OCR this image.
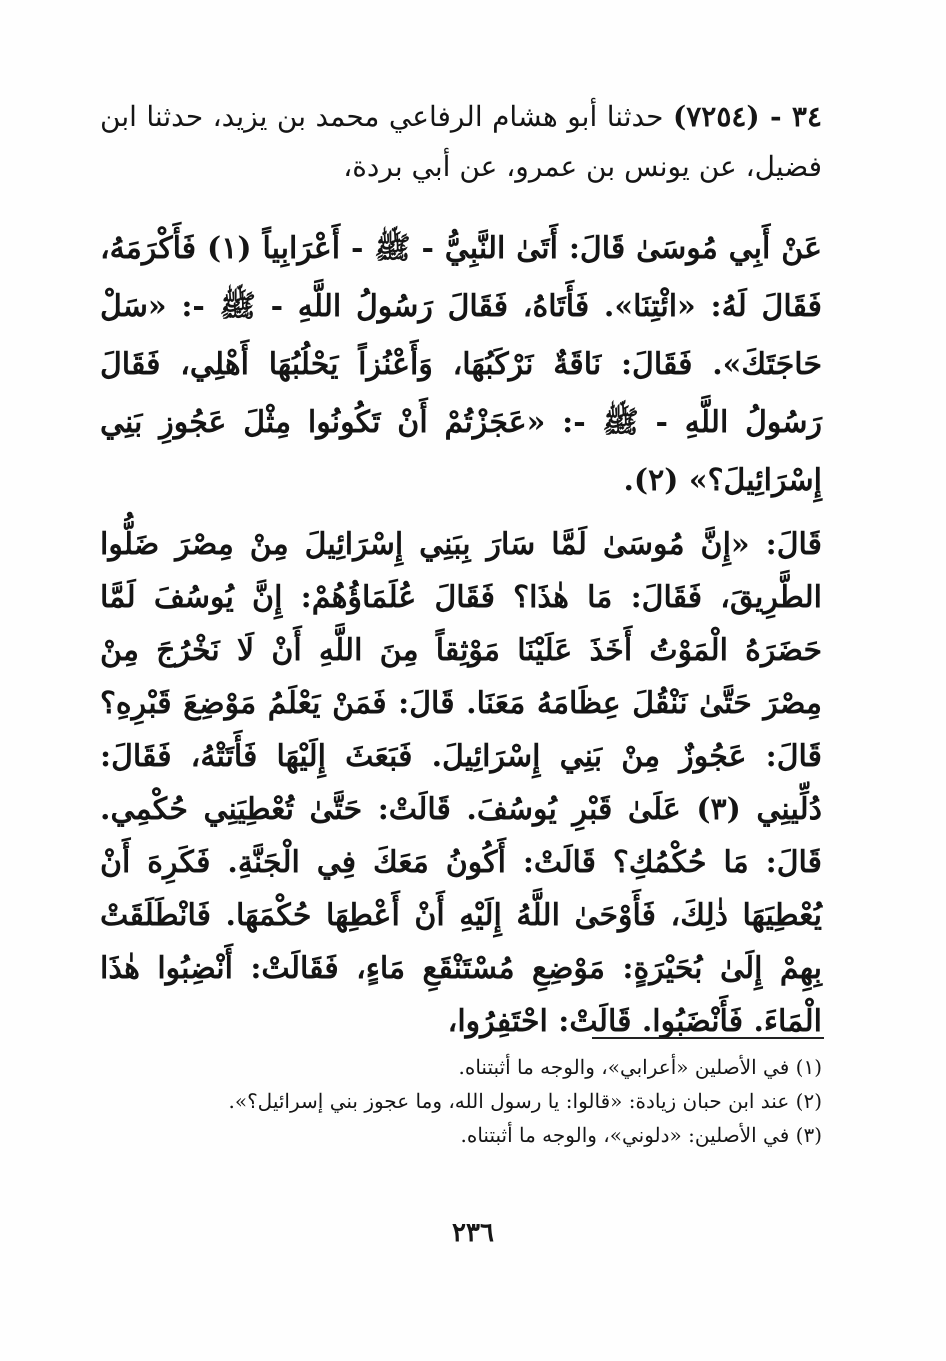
٣٤ - (٧٢٥٤) حدثنا أبو هشام الرفاعي محمد بن يزيد، حدثنا ابن فضيل، عن يونس بن عمرو، عن أبي بردة،

عَنْ أَبِي مُوسَىٰ قَالَ: أَتَىٰ النَّبِيُّ - ﷺ - أَعْرَابِياً (١) فَأَكْرَمَهُ، فَقَالَ لَهُ: «ائْتِنَا». فَأَتَاهُ، فَقَالَ رَسُولُ اللَّهِ - ﷺ -: «سَلْ حَاجَتَكَ». فَقَالَ: نَاقَةٌ نَرْكَبُهَا، وَأَعْنُزاً يَحْلُبُهَا أَهْلِي، فَقَالَ رَسُولُ اللَّهِ - ﷺ -: «عَجَزْتُمْ أَنْ تَكُونُوا مِثْلَ عَجُوزِ بَنِي إِسْرَائِيلَ؟» (٢).

قَالَ: «إِنَّ مُوسَىٰ لَمَّا سَارَ بِبَنِي إِسْرَائِيلَ مِنْ مِصْرَ ضَلُّوا الطَّرِيقَ، فَقَالَ: مَا هٰذَا؟ فَقَالَ عُلَمَاؤُهُمْ: إِنَّ يُوسُفَ لَمَّا حَضَرَهُ الْمَوْتُ أَخَذَ عَلَيْنَا مَوْثِقاً مِنَ اللَّهِ أَنْ لَا نَخْرُجَ مِنْ مِصْرَ حَتَّىٰ نَنْقُلَ عِظَامَهُ مَعَنَا. قَالَ: فَمَنْ يَعْلَمُ مَوْضِعَ قَبْرِهِ؟ قَالَ: عَجُوزٌ مِنْ بَنِي إِسْرَائِيلَ. فَبَعَثَ إِلَيْهَا فَأَتَتْهُ، فَقَالَ: دُلِّينِي (٣) عَلَىٰ قَبْرِ يُوسُفَ. قَالَتْ: حَتَّىٰ تُعْطِيَنِي حُكْمِي. قَالَ: مَا حُكْمُكِ؟ قَالَتْ: أَكُونُ مَعَكَ فِي الْجَنَّةِ. فَكَرِهَ أَنْ يُعْطِيَهَا ذٰلِكَ، فَأَوْحَىٰ اللَّهُ إِلَيْهِ أَنْ أَعْطِهَا حُكْمَهَا. فَانْطَلَقَتْ بِهِمْ إِلَىٰ بُحَيْرَةٍ: مَوْضِعِ مُسْتَنْقَعِ مَاءٍ، فَقَالَتْ: أَنْضِبُوا هٰذَا الْمَاءَ. فَأَنْضَبُوا. قَالَتْ: احْتَفِرُوا،

(١) في الأصلين «أعرابي»، والوجه ما أثبتناه.

(٢) عند ابن حبان زيادة: «قالوا: يا رسول الله، وما عجوز بني إسرائيل؟».

(٣) في الأصلين: «دلوني»، والوجه ما أثبتناه.

٢٣٦
